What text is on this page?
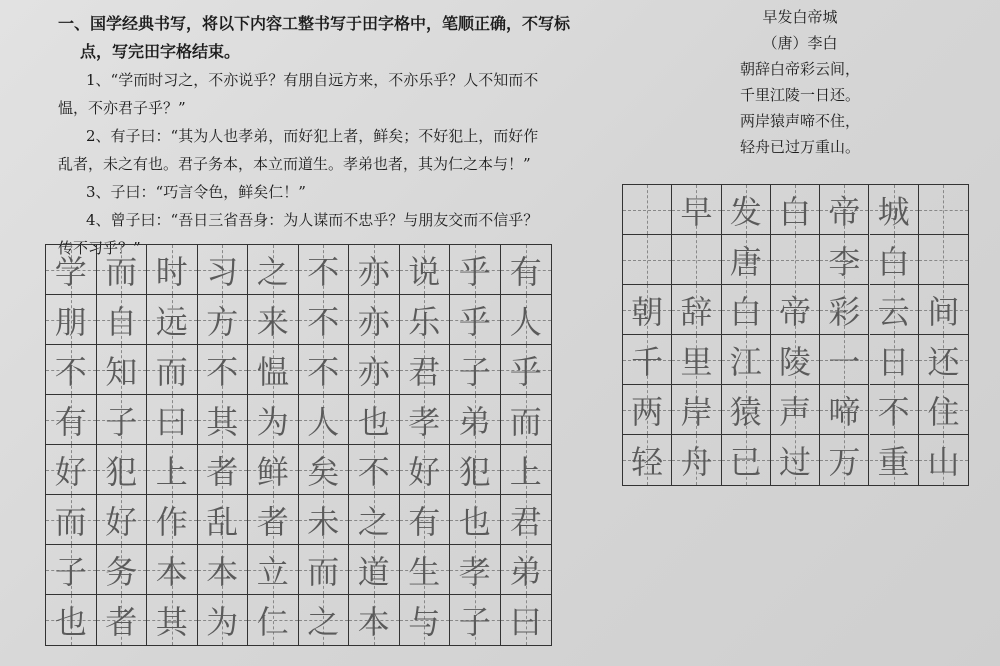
一、国学经典书写，将以下内容工整书写于田字格中，笔顺正确，不写标
点，写完田字格结束。

1、“学而时习之，不亦说乎？有朋自远方来，不亦乐乎？人不知而不

愠，不亦君子乎？”

2、有子曰：“其为人也孝弟，而好犯上者，鲜矣；不好犯上，而好作

乱者，未之有也。君子务本，本立而道生。孝弟也者，其为仁之本与！”

3、子曰：“巧言令色，鲜矣仁！”

4、曾子曰：“吾日三省吾身：为人谋而不忠乎？与朋友交而不信乎？

传不习乎？”

早发白帝城
（唐）李白
朝辞白帝彩云间，
千里江陵一日还。
两岸猿声啼不住，
轻舟已过万重山。
学 而 时 习 之 不 亦 说 乎 有
朋 自 远 方 来 不 亦 乐 乎 人
不 知 而 不 愠 不 亦 君 子 乎
有 子 曰 其 为 人 也 孝 弟 而
好 犯 上 者 鲜 矣 不 好 犯 上
而 好 作 乱 者 未 之 有 也 君
子 务 本 本 立 而 道 生 孝 弟
也 者 其 为 仁 之 本 与 子 曰
早 发 白 帝 城
唐 李 白
朝 辞 白 帝 彩 云 间
千 里 江 陵 一 日 还
两 岸 猿 声 啼 不 住
轻 舟 已 过 万 重 山
